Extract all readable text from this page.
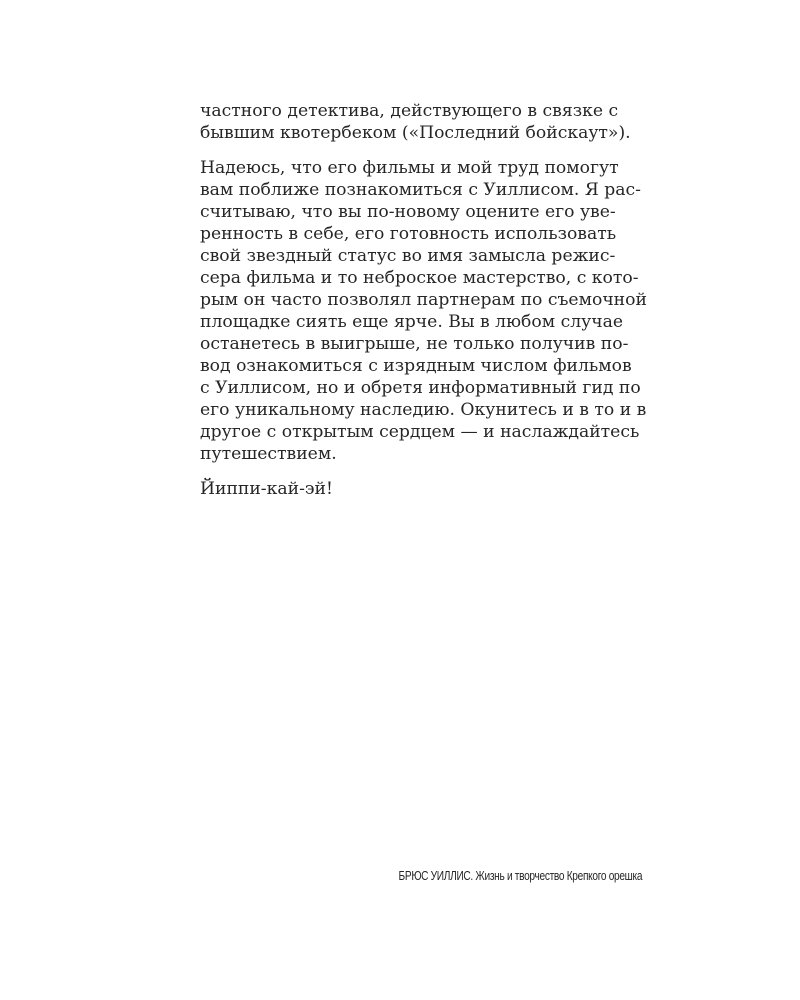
частного детектива, действующего в связке с
бывшим квотербеком («Последний бойскаут»).
Надеюсь, что его фильмы и мой труд помогут
вам поближе познакомиться с Уиллисом. Я рас-
считываю, что вы по-новому оцените его уве-
ренность в себе, его готовность использовать
свой звездный статус во имя замысла режис-
сера фильма и то неброское мастерство, с кото-
рым он часто позволял партнерам по съемочной
площадке сиять еще ярче. Вы в любом случае
останетесь в выигрыше, не только получив по-
вод ознакомиться с изрядным числом фильмов
с Уиллисом, но и обретя информативный гид по
его уникальному наследию. Окунитесь и в то и в
другое с открытым сердцем — и наслаждайтесь
путешествием.
Йиппи-кай-эй!
БРЮС УИЛЛИС. Жизнь и творчество Крепкого орешка
